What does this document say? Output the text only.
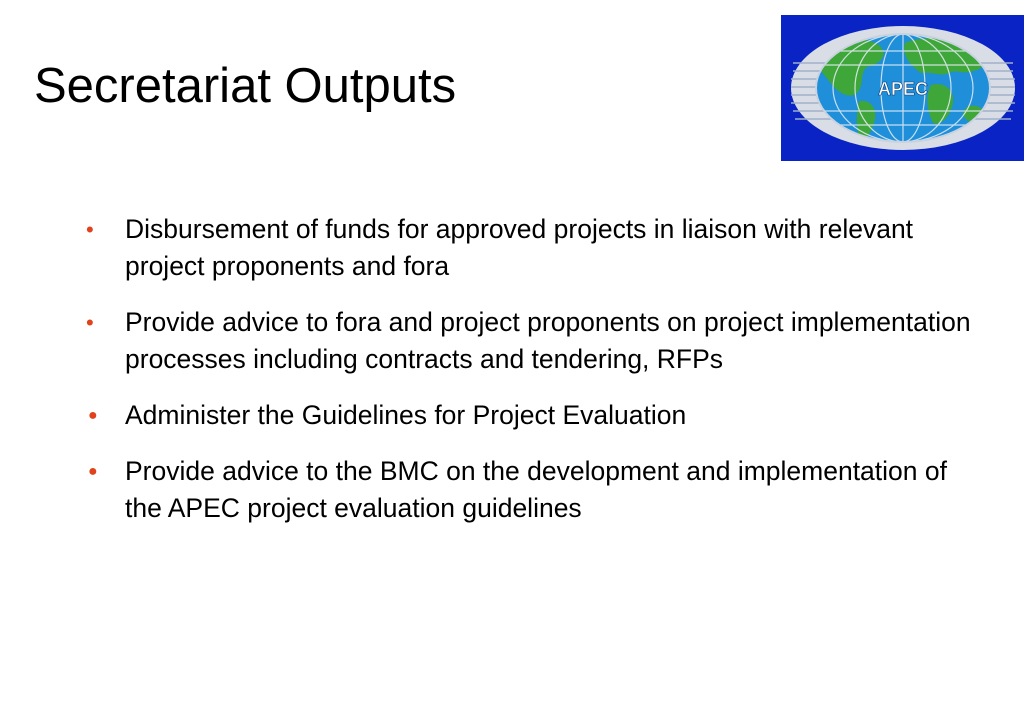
Secretariat Outputs	APEC
• Disbursement of funds for approved projects in liaison with relevant project proponents and fora
• Provide advice to fora and project proponents on project implementation processes including contracts and tendering, RFPs
● Administer the Guidelines for Project Evaluation
● Provide advice to the BMC on the development and implementation of the APEC project evaluation guidelines
